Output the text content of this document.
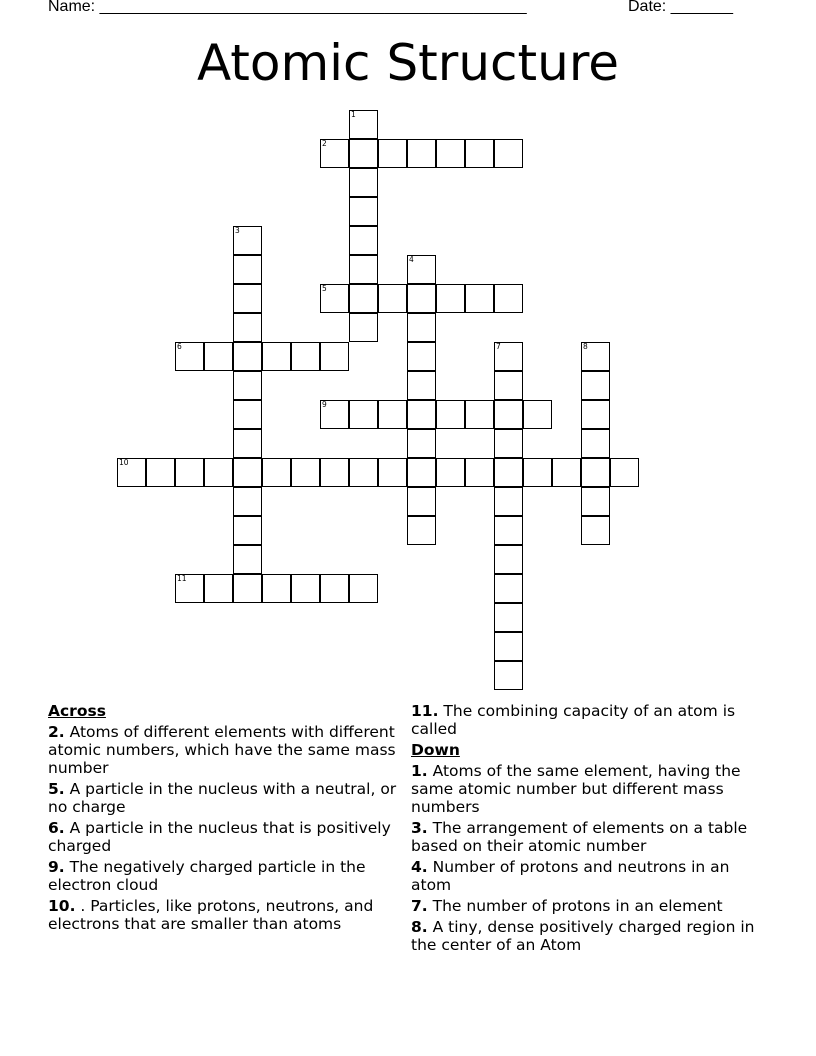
Name: ________________________________________________	Date: _______
Atomic Structure
1
2
3
4
5
6	7	8
9
10
11
Across
2. Atoms of different elements with different atomic numbers, which have the same mass number
5. A particle in the nucleus with a neutral, or no charge
6. A particle in the nucleus that is positively charged
9. The negatively charged particle in the electron cloud
10. . Particles, like protons, neutrons, and electrons that are smaller than atoms
11. The combining capacity of an atom is called
Down
1. Atoms of the same element, having the same atomic number but different mass numbers
3. The arrangement of elements on a table based on their atomic number
4. Number of protons and neutrons in an atom
7. The number of protons in an element
8. A tiny, dense positively charged region in the center of an Atom
